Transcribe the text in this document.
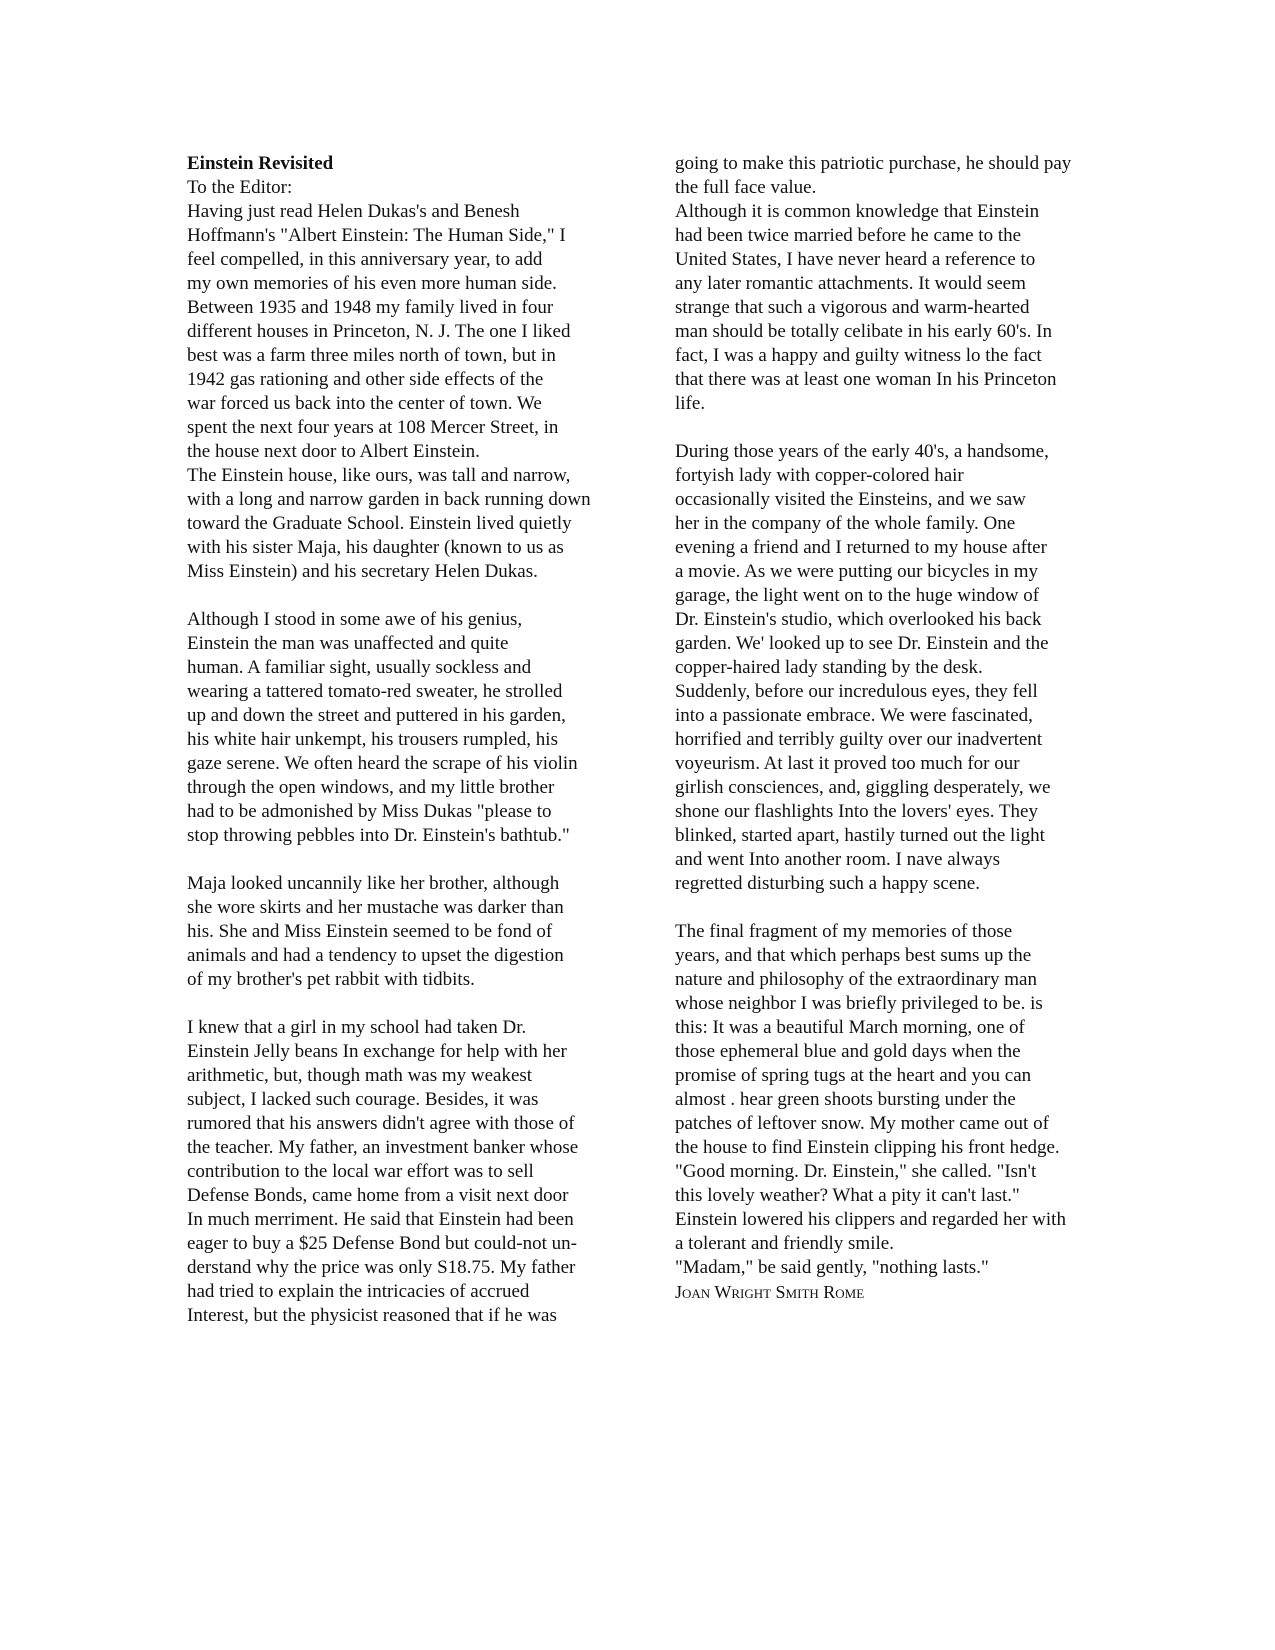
Einstein Revisited
To the Editor:
Having just read Helen Dukas's and Benesh
Hoffmann's "Albert Einstein: The Human Side," I
feel compelled, in this anniversary year, to add
my own memories of his even more human side.
Between 1935 and 1948 my family lived in four
different houses in Princeton, N. J. The one I liked
best was a farm three miles north of town, but in
1942 gas rationing and other side effects of the
war forced us back into the center of town. We
spent the next four years at 108 Mercer Street, in
the house next door to Albert Einstein.
The Einstein house, like ours, was tall and narrow,
with a long and narrow garden in back running down
toward the Graduate School. Einstein lived quietly
with his sister Maja, his daughter (known to us as
Miss Einstein) and his secretary Helen Dukas.
Although I stood in some awe of his genius,
Einstein the man was unaffected and quite
human. A familiar sight, usually sockless and
wearing a tattered tomato-red sweater, he strolled
up and down the street and puttered in his garden,
his white hair unkempt, his trousers rumpled, his
gaze serene. We often heard the scrape of his violin
through the open windows, and my little brother
had to be admonished by Miss Dukas "please to
stop throwing pebbles into Dr. Einstein's bathtub."
Maja looked uncannily like her brother, although
she wore skirts and her mustache was darker than
his. She and Miss Einstein seemed to be fond of
animals and had a tendency to upset the digestion
of my brother's pet rabbit with tidbits.
I knew that a girl in my school had taken Dr.
Einstein Jelly beans In exchange for help with her
arithmetic, but, though math was my weakest
subject, I lacked such courage. Besides, it was
rumored that his answers didn't agree with those of
the teacher. My father, an investment banker whose
contribution to the local war effort was to sell
Defense Bonds, came home from a visit next door
In much merriment. He said that Einstein had been
eager to buy a $25 Defense Bond but could-not un-
derstand why the price was only S18.75. My father
had tried to explain the intricacies of accrued
Interest, but the physicist reasoned that if he was
going to make this patriotic purchase, he should pay
the full face value.
Although it is common knowledge that Einstein
had been twice married before he came to the
United States, I have never heard a reference to
any later romantic attachments. It would seem
strange that such a vigorous and warm-hearted
man should be totally celibate in his early 60's. In
fact, I was a happy and guilty witness lo the fact
that there was at least one woman In his Princeton
life.
During those years of the early 40's, a handsome,
fortyish lady with copper-colored hair
occasionally visited the Einsteins, and we saw
her in the company of the whole family. One
evening a friend and I returned to my house after
a movie. As we were putting our bicycles in my
garage, the light went on to the huge window of
Dr. Einstein's studio, which overlooked his back
garden. We' looked up to see Dr. Einstein and the
copper-haired lady standing by the desk.
Suddenly, before our incredulous eyes, they fell
into a passionate embrace. We were fascinated,
horrified and terribly guilty over our inadvertent
voyeurism. At last it proved too much for our
girlish consciences, and, giggling desperately, we
shone our flashlights Into the lovers' eyes. They
blinked, started apart, hastily turned out the light
and went Into another room. I nave always
regretted disturbing such a happy scene.
The final fragment of my memories of those
years, and that which perhaps best sums up the
nature and philosophy of the extraordinary man
whose neighbor I was briefly privileged to be. is
this: It was a beautiful March morning, one of
those ephemeral blue and gold days when the
promise of spring tugs at the heart and you can
almost . hear green shoots bursting under the
patches of leftover snow. My mother came out of
the house to find Einstein clipping his front hedge.
"Good morning. Dr. Einstein," she called. "Isn't
this lovely weather? What a pity it can't last."
Einstein lowered his clippers and regarded her with
a tolerant and friendly smile.
"Madam," be said gently, "nothing lasts."
Joan Wright Smith Rome
